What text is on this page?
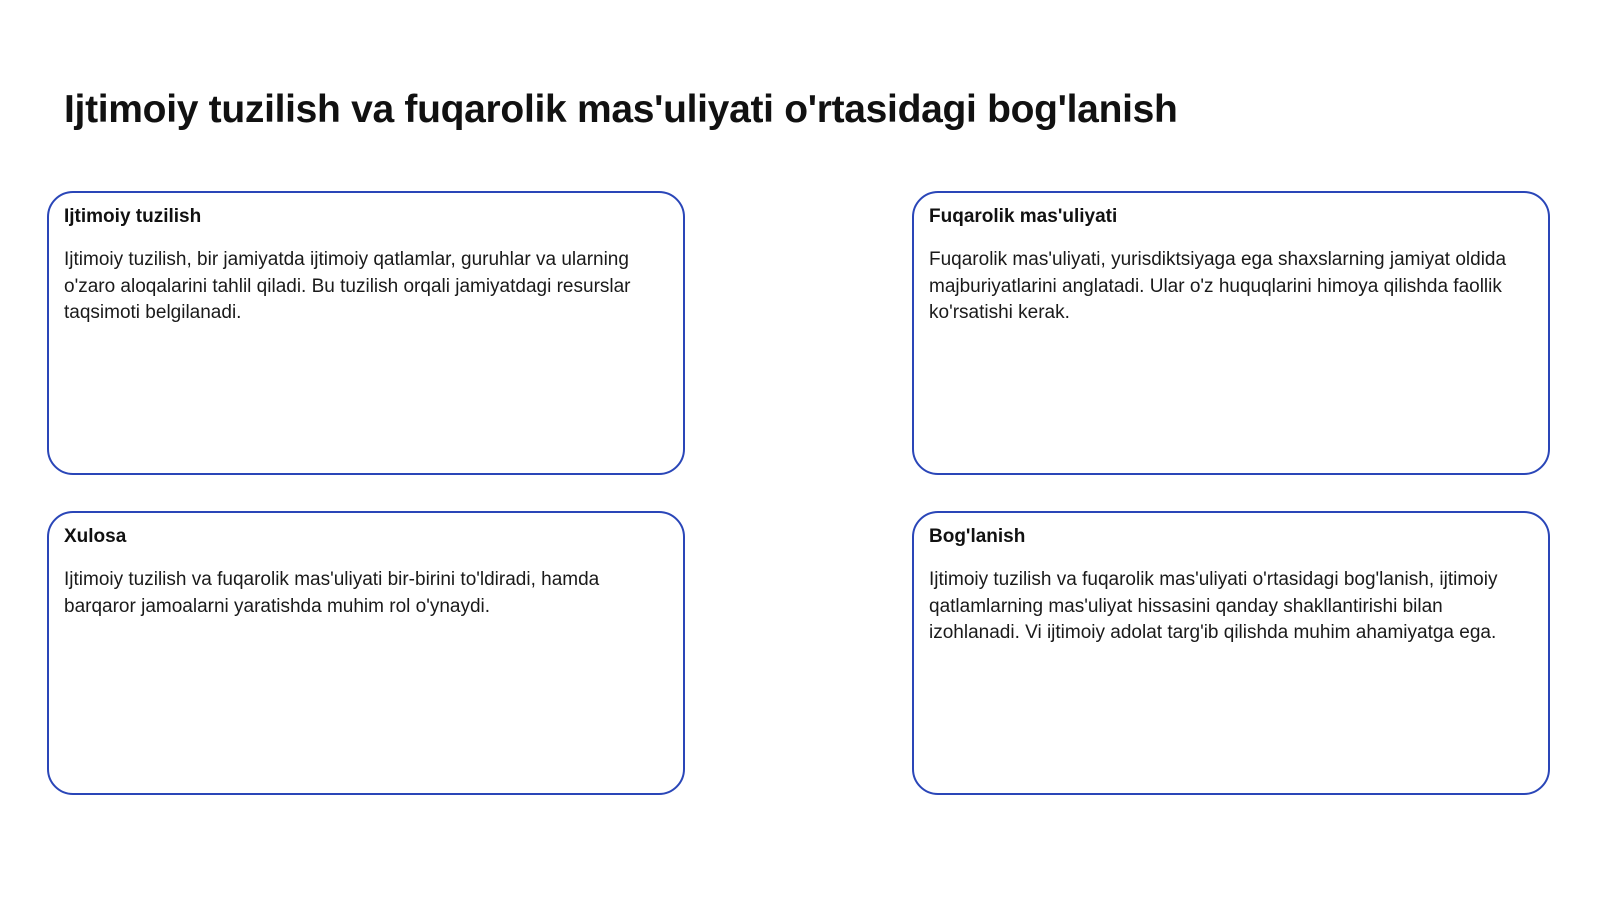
Ijtimoiy tuzilish va fuqarolik mas'uliyati o'rtasidagi bog'lanish
Ijtimoiy tuzilish

Ijtimoiy tuzilish, bir jamiyatda ijtimoiy qatlamlar, guruhlar va ularning o'zaro aloqalarini tahlil qiladi. Bu tuzilish orqali jamiyatdagi resurslar taqsimoti belgilanadi.

Fuqarolik mas'uliyati

Fuqarolik mas'uliyati, yurisdiktsiyaga ega shaxslarning jamiyat oldida majburiyatlarini anglatadi. Ular o'z huquqlarini himoya qilishda faollik ko'rsatishi kerak.

Xulosa

Ijtimoiy tuzilish va fuqarolik mas'uliyati bir-birini to'ldiradi, hamda barqaror jamoalarni yaratishda muhim rol o'ynaydi.

Bog'lanish

Ijtimoiy tuzilish va fuqarolik mas'uliyati o'rtasidagi bog'lanish, ijtimoiy qatlamlarning mas'uliyat hissasini qanday shakllantirishi bilan izohlanadi. Vi ijtimoiy adolat targ'ib qilishda muhim ahamiyatga ega.
